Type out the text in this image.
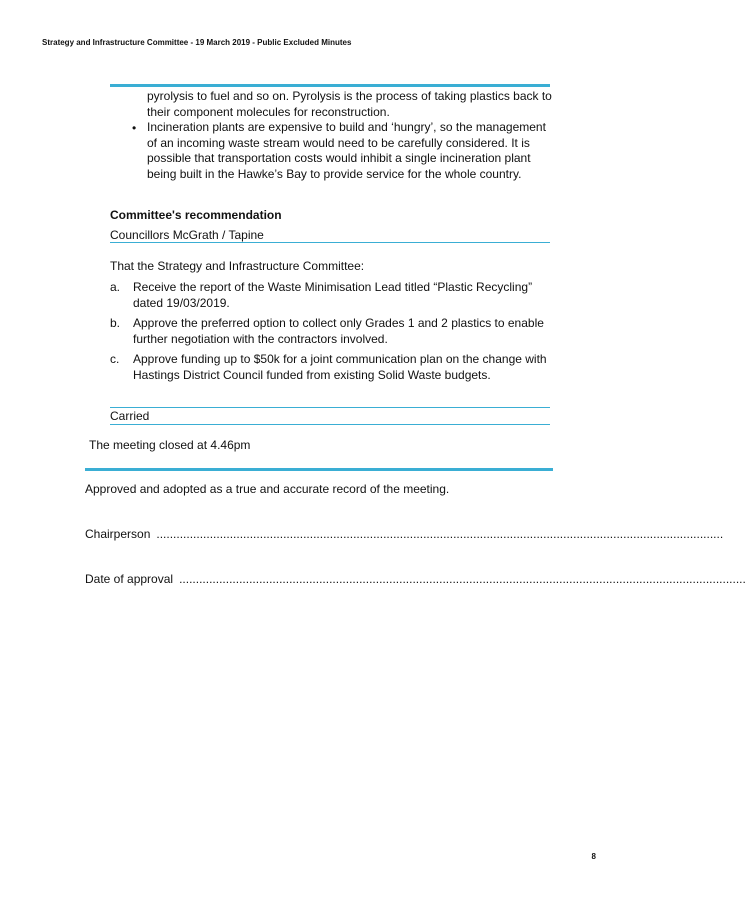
Strategy and Infrastructure Committee - 19 March 2019 - Public Excluded Minutes
pyrolysis to fuel and so on. Pyrolysis is the process of taking plastics back to their component molecules for reconstruction.
• Incineration plants are expensive to build and ‘hungry’, so the management of an incoming waste stream would need to be carefully considered. It is possible that transportation costs would inhibit a single incineration plant being built in the Hawke’s Bay to provide service for the whole country.
Committee's recommendation
Councillors McGrath / Tapine
That the Strategy and Infrastructure Committee:
a. Receive the report of the Waste Minimisation Lead titled “Plastic Recycling” dated 19/03/2019.
b. Approve the preferred option to collect only Grades 1 and 2 plastics to enable further negotiation with the contractors involved.
c. Approve funding up to $50k for a joint communication plan on the change with Hastings District Council funded from existing Solid Waste budgets.
Carried
The meeting closed at 4.46pm
Approved and adopted as a true and accurate record of the meeting.
Chairperson ..........................................................................................................................................................................
Date of approval ..........................................................................................................................................................................
8
